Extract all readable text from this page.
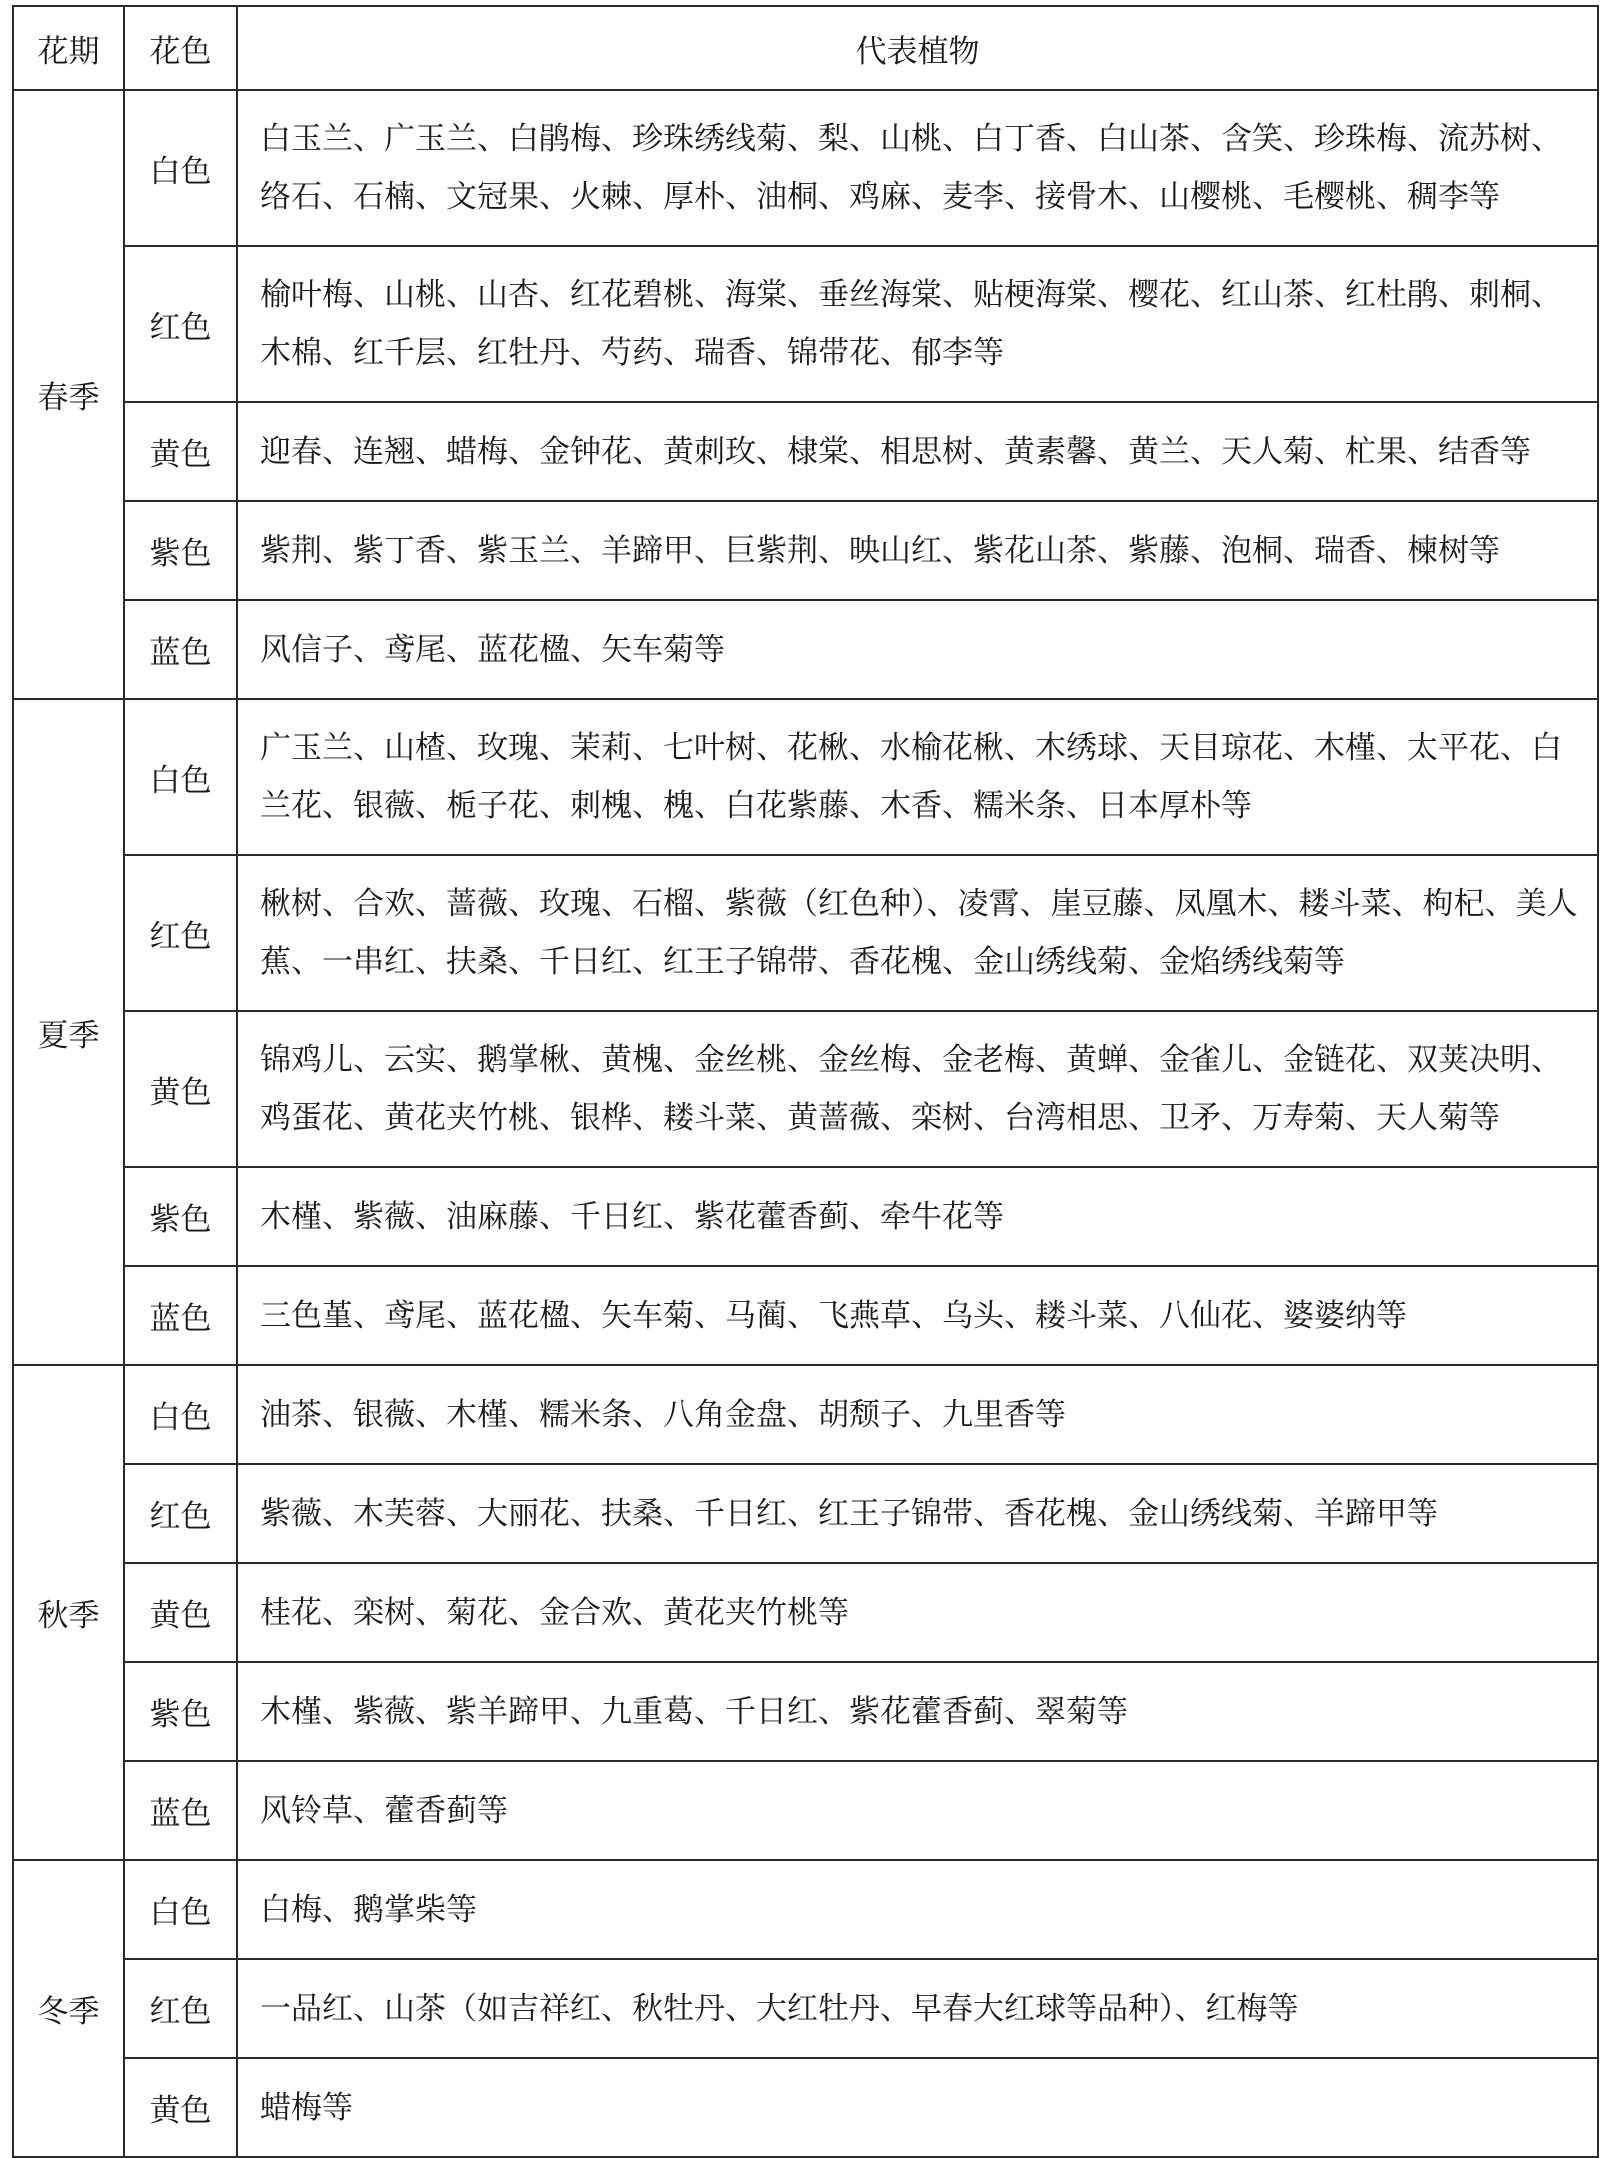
花期	花色	代表植物
春季	白色	白玉兰、广玉兰、白鹃梅、珍珠绣线菊、梨、山桃、白丁香、白山茶、含笑、珍珠梅、流苏树、络石、石楠、文冠果、火棘、厚朴、油桐、鸡麻、麦李、接骨木、山樱桃、毛樱桃、稠李等
	红色	榆叶梅、山桃、山杏、红花碧桃、海棠、垂丝海棠、贴梗海棠、樱花、红山茶、红杜鹃、刺桐、木棉、红千层、红牡丹、芍药、瑞香、锦带花、郁李等
	黄色	迎春、连翘、蜡梅、金钟花、黄刺玫、棣棠、相思树、黄素馨、黄兰、天人菊、杧果、结香等
	紫色	紫荆、紫丁香、紫玉兰、羊蹄甲、巨紫荆、映山红、紫花山茶、紫藤、泡桐、瑞香、楝树等
	蓝色	风信子、鸢尾、蓝花楹、矢车菊等
夏季	白色	广玉兰、山楂、玫瑰、茉莉、七叶树、花楸、水榆花楸、木绣球、天目琼花、木槿、太平花、白兰花、银薇、栀子花、刺槐、槐、白花紫藤、木香、糯米条、日本厚朴等
	红色	楸树、合欢、蔷薇、玫瑰、石榴、紫薇（红色种）、凌霄、崖豆藤、凤凰木、耧斗菜、枸杞、美人蕉、一串红、扶桑、千日红、红王子锦带、香花槐、金山绣线菊、金焰绣线菊等
	黄色	锦鸡儿、云实、鹅掌楸、黄槐、金丝桃、金丝梅、金老梅、黄蝉、金雀儿、金链花、双荚决明、鸡蛋花、黄花夹竹桃、银桦、耧斗菜、黄蔷薇、栾树、台湾相思、卫矛、万寿菊、天人菊等
	紫色	木槿、紫薇、油麻藤、千日红、紫花藿香蓟、牵牛花等
	蓝色	三色堇、鸢尾、蓝花楹、矢车菊、马蔺、飞燕草、乌头、耧斗菜、八仙花、婆婆纳等
秋季	白色	油茶、银薇、木槿、糯米条、八角金盘、胡颓子、九里香等
	红色	紫薇、木芙蓉、大丽花、扶桑、千日红、红王子锦带、香花槐、金山绣线菊、羊蹄甲等
	黄色	桂花、栾树、菊花、金合欢、黄花夹竹桃等
	紫色	木槿、紫薇、紫羊蹄甲、九重葛、千日红、紫花藿香蓟、翠菊等
	蓝色	风铃草、藿香蓟等
冬季	白色	白梅、鹅掌柴等
	红色	一品红、山茶（如吉祥红、秋牡丹、大红牡丹、早春大红球等品种）、红梅等
	黄色	蜡梅等
